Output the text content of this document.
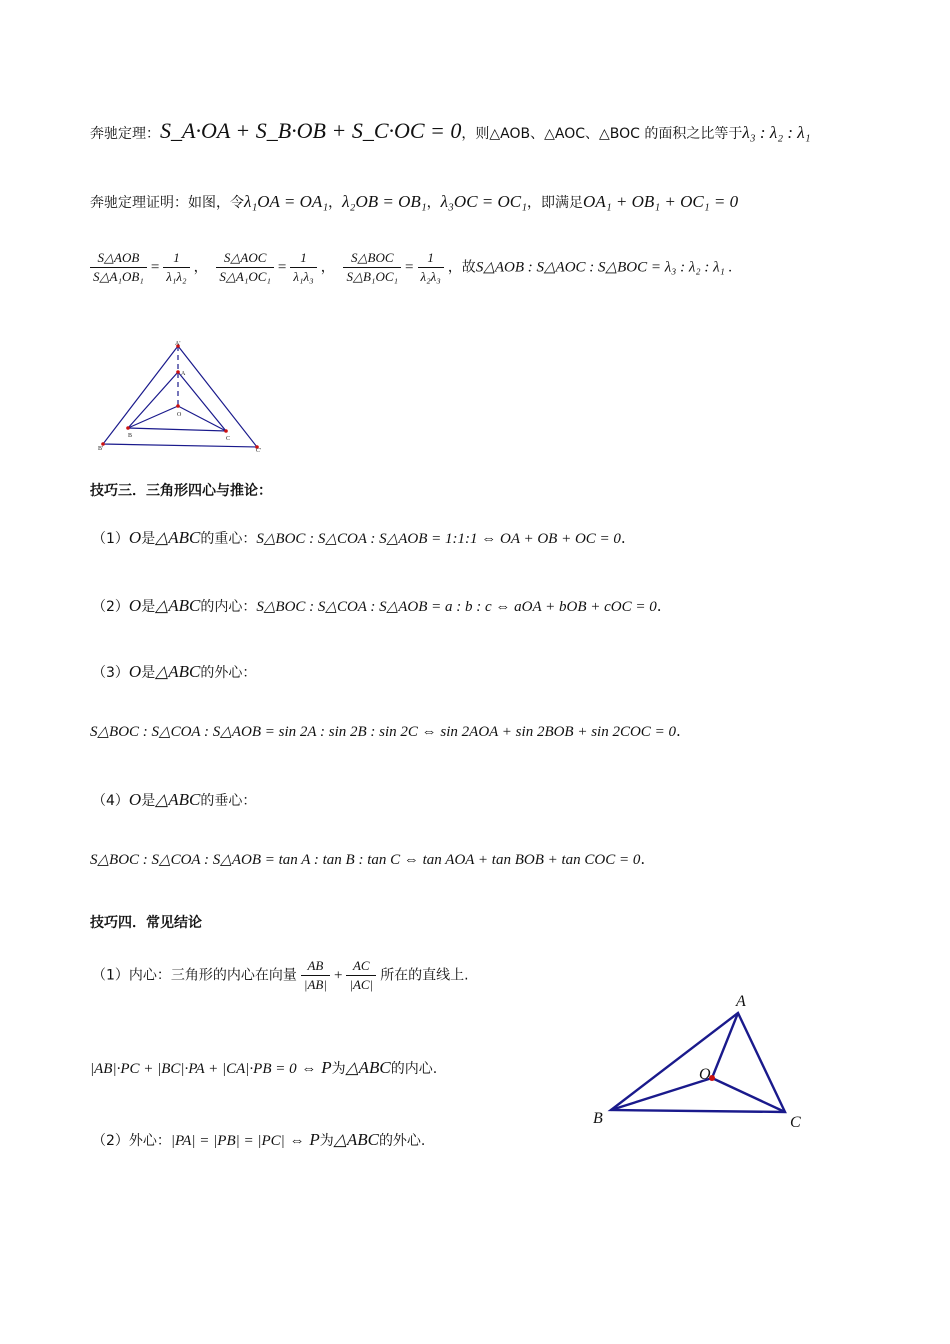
奔驰定理：S_A·OA + S_B·OB + S_C·OC = 0，则△AOB、△AOC、△BOC 的面积之比等于λ₃ : λ₂ : λ₁
奔驰定理证明：如图，令λ₁OA = OA₁，λ₂OB = OB₁，λ₃OC = OC₁，即满足OA₁ + OB₁ + OC₁ = 0
$\frac{\text{S△AOB}}{\text{S△A₁OB₁}} = \frac{1}{\text{λ₁λ₂}}$ ， $\frac{\text{S△AOC}}{\text{S△A₁OC₁}} = \frac{1}{\text{λ₁λ₃}}$ ， $\frac{\text{S△BOC}}{\text{S△B₁OC₁}} = \frac{1}{\text{λ₂λ₃}}$ ，故S△AOB : S△AOC : S△BOC = λ₃ : λ₂ : λ₁ .
A'
A
O
B'
B	C
C'
技巧三．三角形四心与推论：
（1）O是△ABC的重心：S△BOC : S△COA : S△AOB = 1:1:1 ⇔ OA + OB + OC = 0.
（2）O是△ABC的内心：S△BOC : S△COA : S△AOB = a : b : c ⇔ aOA + bOB + cOC = 0.
（3）O是△ABC的外心：
S△BOC : S△COA : S△AOB = sin 2A : sin 2B : sin 2C ⇔ sin 2AOA + sin 2BOB + sin 2COC = 0.
（4）O是△ABC的垂心：
S△BOC : S△COA : S△AOB = tan A : tan B : tan C ⇔ tan AOA + tan BOB + tan COC = 0.
技巧四．常见结论
（1）内心：三角形的内心在向量 $\frac{AB}{|AB|} + \frac{AC}{|AC|}$ 所在的直线上.
|AB|·PC + |BC|·PA + |CA|·PB = 0 ⇔ P为△ABC的内心.
（2）外心：|PA| = |PB| = |PC| ⇔ P为△ABC的外心.
A
B	C
O
